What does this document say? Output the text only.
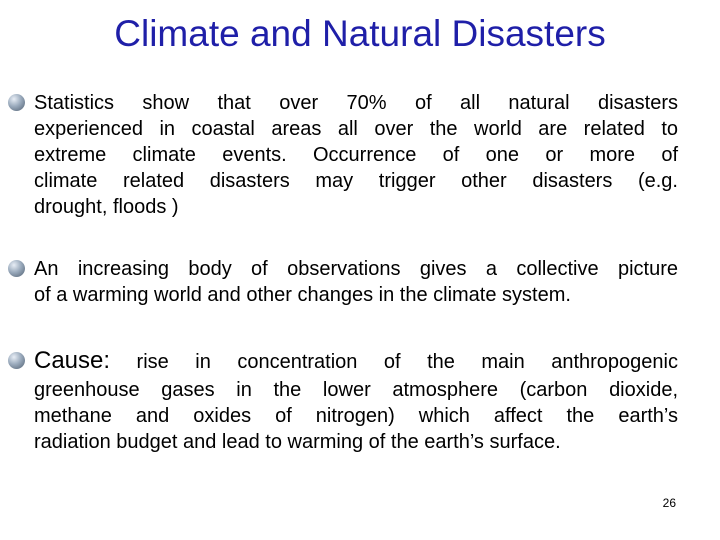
Climate and Natural Disasters
Statistics show that over 70% of all natural disasters
experienced in coastal areas all over the world are related to
extreme climate events. Occurrence of one or more of
climate related disasters may trigger other disasters (e.g.
drought, floods )
An increasing body of observations gives a collective picture
of a warming world and other changes in the climate system.
Cause: rise in concentration of the main anthropogenic
greenhouse gases in the lower atmosphere (carbon dioxide,
methane and oxides of nitrogen) which affect the earth’s
radiation budget and lead to warming of the earth’s surface.
26
